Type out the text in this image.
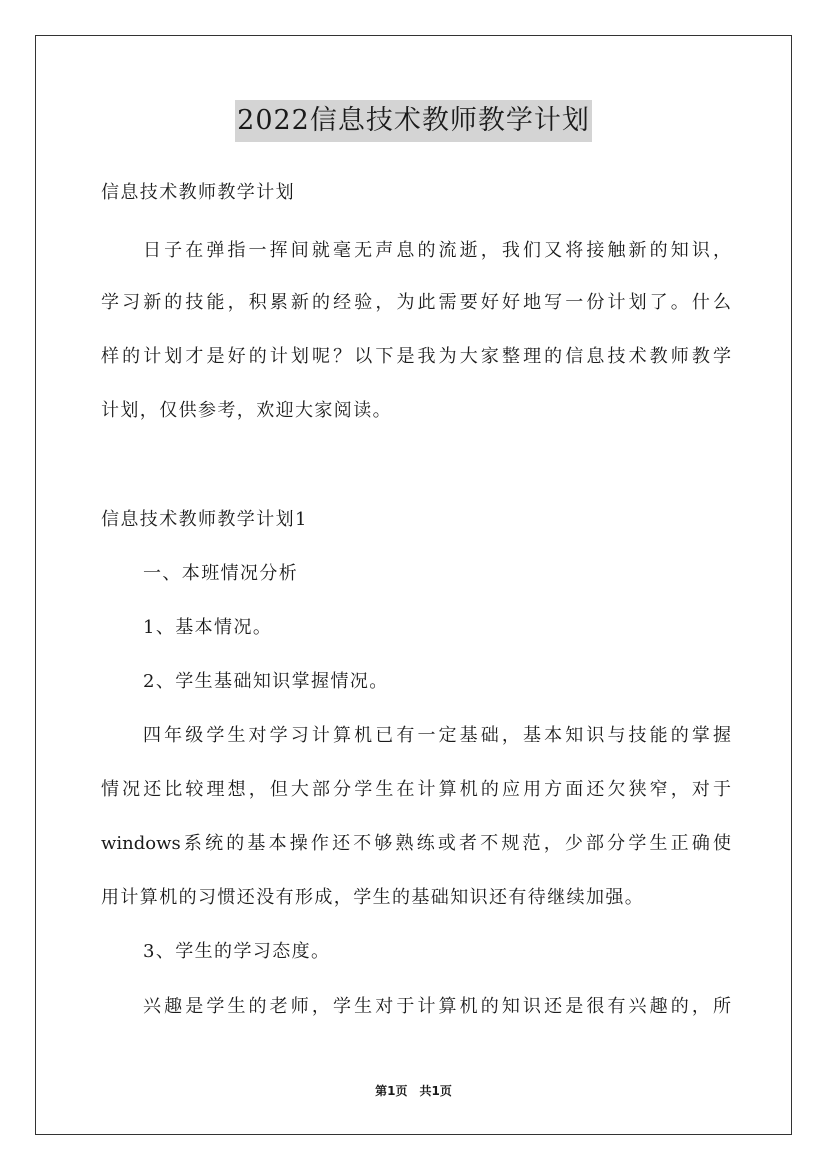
2022信息技术教师教学计划
信息技术教师教学计划
日子在弹指一挥间就毫无声息的流逝，我们又将接触新的知识，
学习新的技能，积累新的经验，为此需要好好地写一份计划了。什么
样的计划才是好的计划呢？以下是我为大家整理的信息技术教师教学
计划，仅供参考，欢迎大家阅读。
信息技术教师教学计划1
一、本班情况分析
1、基本情况。
2、学生基础知识掌握情况。
四年级学生对学习计算机已有一定基础，基本知识与技能的掌握
情况还比较理想，但大部分学生在计算机的应用方面还欠狭窄，对于
windows系统的基本操作还不够熟练或者不规范，少部分学生正确使
用计算机的习惯还没有形成，学生的基础知识还有待继续加强。
3、学生的学习态度。
兴趣是学生的老师，学生对于计算机的知识还是很有兴趣的，所
第1页　共1页
